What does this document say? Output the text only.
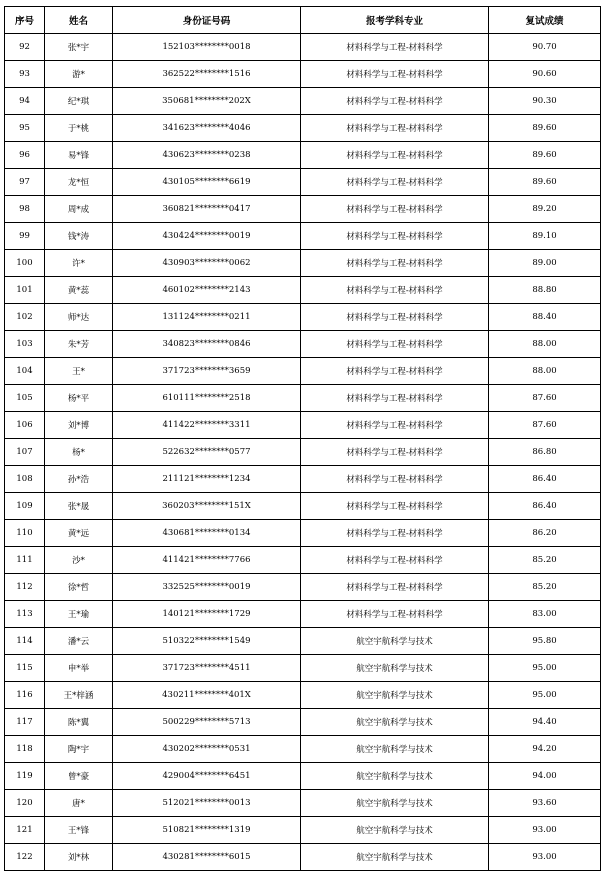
序号	姓名	身份证号码	报考学科专业	复试成绩
92	张*宇	152103********0018	材料科学与工程-材料科学	90.70
93	游*	362522********1516	材料科学与工程-材料科学	90.60
94	纪*琪	350681********202X	材料科学与工程-材料科学	90.30
95	于*桃	341623********4046	材料科学与工程-材料科学	89.60
96	易*锋	430623********0238	材料科学与工程-材料科学	89.60
97	龙*恒	430105********6619	材料科学与工程-材料科学	89.60
98	周*成	360821********0417	材料科学与工程-材料科学	89.20
99	钱*涛	430424********0019	材料科学与工程-材料科学	89.10
100	许*	430903********0062	材料科学与工程-材料科学	89.00
101	黄*蕊	460102********2143	材料科学与工程-材料科学	88.80
102	师*达	131124********0211	材料科学与工程-材料科学	88.40
103	朱*芳	340823********0846	材料科学与工程-材料科学	88.00
104	王*	371723********3659	材料科学与工程-材料科学	88.00
105	杨*平	610111********2518	材料科学与工程-材料科学	87.60
106	刘*博	411422********3311	材料科学与工程-材料科学	87.60
107	杨*	522632********0577	材料科学与工程-材料科学	86.80
108	孙*浩	211121********1234	材料科学与工程-材料科学	86.40
109	张*晟	360203********151X	材料科学与工程-材料科学	86.40
110	黄*远	430681********0134	材料科学与工程-材料科学	86.20
111	沙*	411421********7766	材料科学与工程-材料科学	85.20
112	徐*哲	332525********0019	材料科学与工程-材料科学	85.20
113	王*瑜	140121********1729	材料科学与工程-材料科学	83.00
114	潘*云	510322********1549	航空宇航科学与技术	95.80
115	申*举	371723********4511	航空宇航科学与技术	95.00
116	王*梓涵	430211********401X	航空宇航科学与技术	95.00
117	陈*翼	500229********5713	航空宇航科学与技术	94.40
118	陶*宇	430202********0531	航空宇航科学与技术	94.20
119	曾*豪	429004********6451	航空宇航科学与技术	94.00
120	唐*	512021********0013	航空宇航科学与技术	93.60
121	王*锋	510821********1319	航空宇航科学与技术	93.00
122	刘*林	430281********6015	航空宇航科学与技术	93.00
